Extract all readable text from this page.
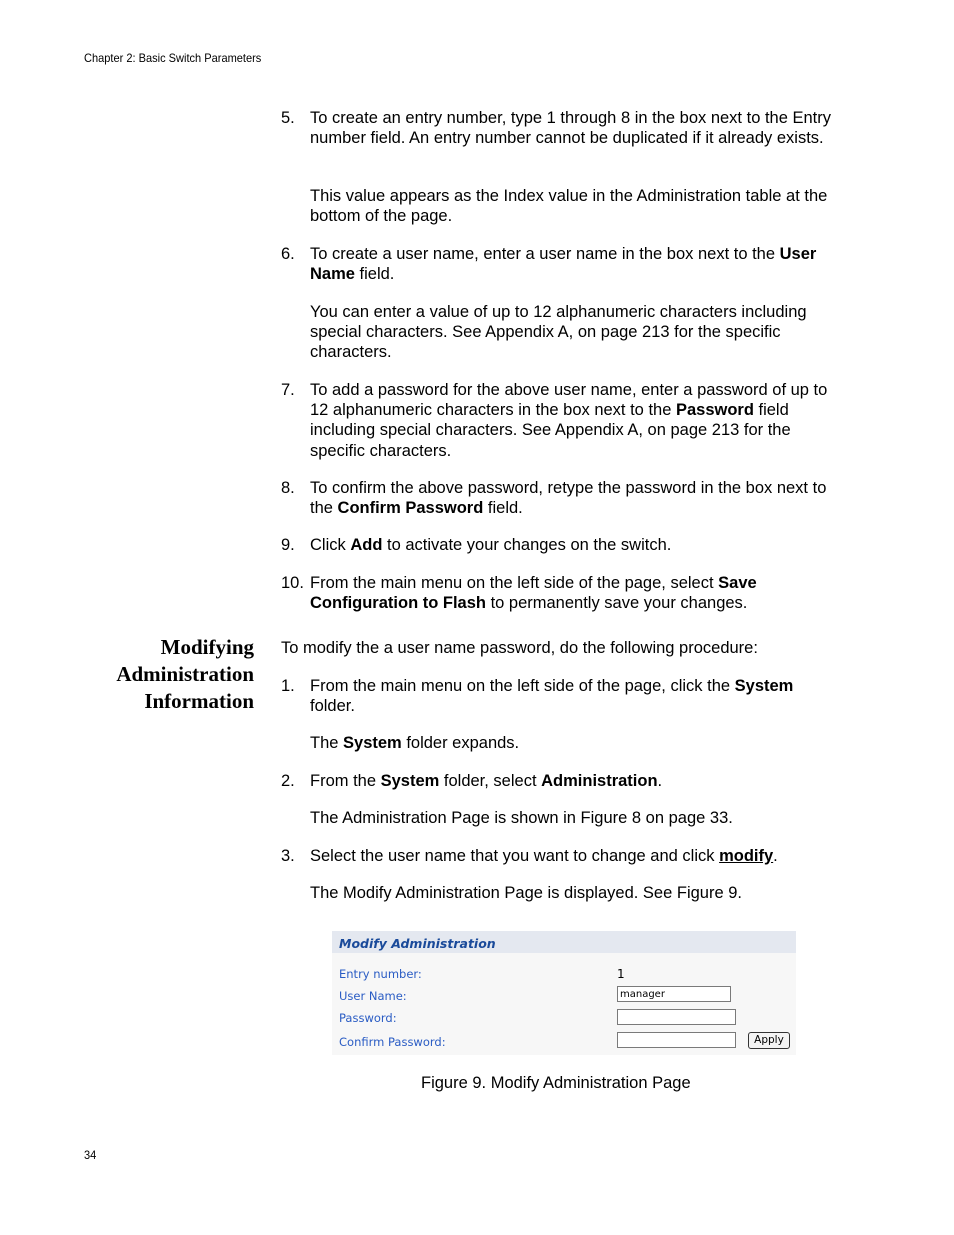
Chapter 2: Basic Switch Parameters
5. To create an entry number, type 1 through 8 in the box next to the Entry number field. An entry number cannot be duplicated if it already exists.
This value appears as the Index value in the Administration table at the bottom of the page.
6. To create a user name, enter a user name in the box next to the User Name field.
You can enter a value of up to 12 alphanumeric characters including special characters. See Appendix A, on page 213 for the specific characters.
7. To add a password for the above user name, enter a password of up to 12 alphanumeric characters in the box next to the Password field including special characters. See Appendix A, on page 213 for the specific characters.
8. To confirm the above password, retype the password in the box next to the Confirm Password field.
9. Click Add to activate your changes on the switch.
10. From the main menu on the left side of the page, select Save Configuration to Flash to permanently save your changes.
Modifying
Administration
Information
To modify the a user name password, do the following procedure:
1. From the main menu on the left side of the page, click the System folder.
The System folder expands.
2. From the System folder, select Administration.
The Administration Page is shown in Figure 8 on page 33.
3. Select the user name that you want to change and click modify.
The Modify Administration Page is displayed. See Figure 9.
Modify Administration
Entry number:	1
User Name:	manager
Password:
Confirm Password:	Apply
Figure 9. Modify Administration Page
34
